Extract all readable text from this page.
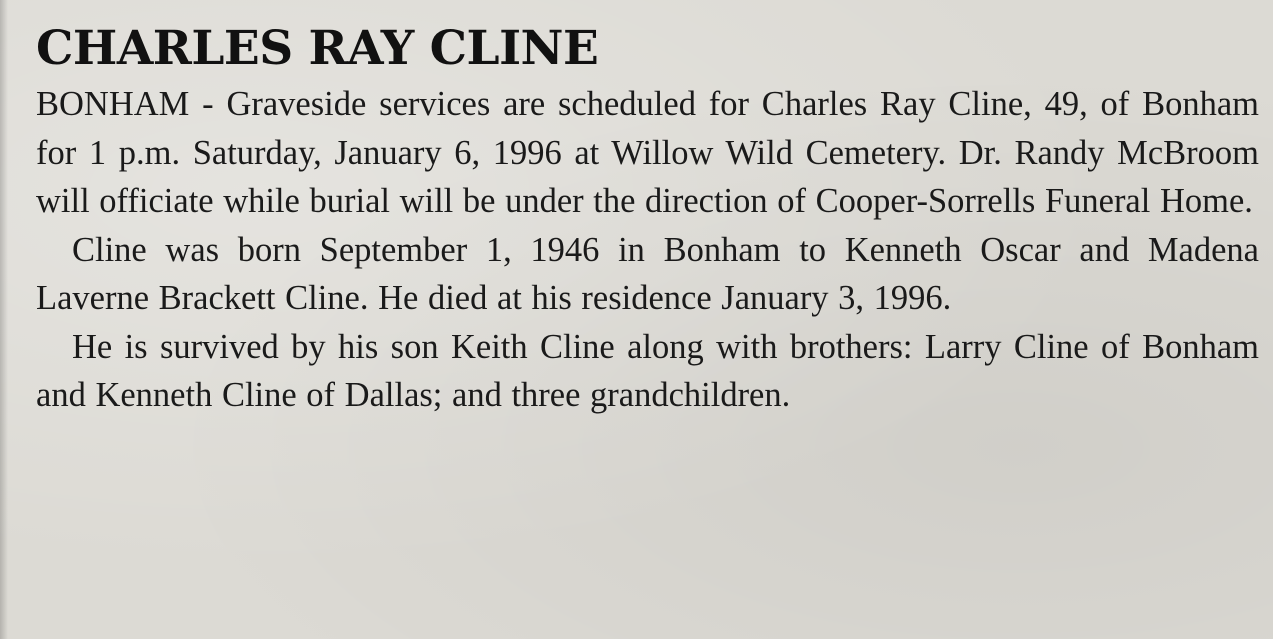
CHARLES RAY CLINE

BONHAM - Graveside services are scheduled for Charles Ray Cline, 49, of Bonham for 1 p.m. Saturday, January 6, 1996 at Willow Wild Cemetery. Dr. Randy McBroom will officiate while burial will be under the direction of Cooper-Sorrells Funeral Home.

Cline was born September 1, 1946 in Bonham to Kenneth Oscar and Madena Laverne Brackett Cline. He died at his residence January 3, 1996.

He is survived by his son Keith Cline along with brothers: Larry Cline of Bonham and Kenneth Cline of Dallas; and three grandchildren.
